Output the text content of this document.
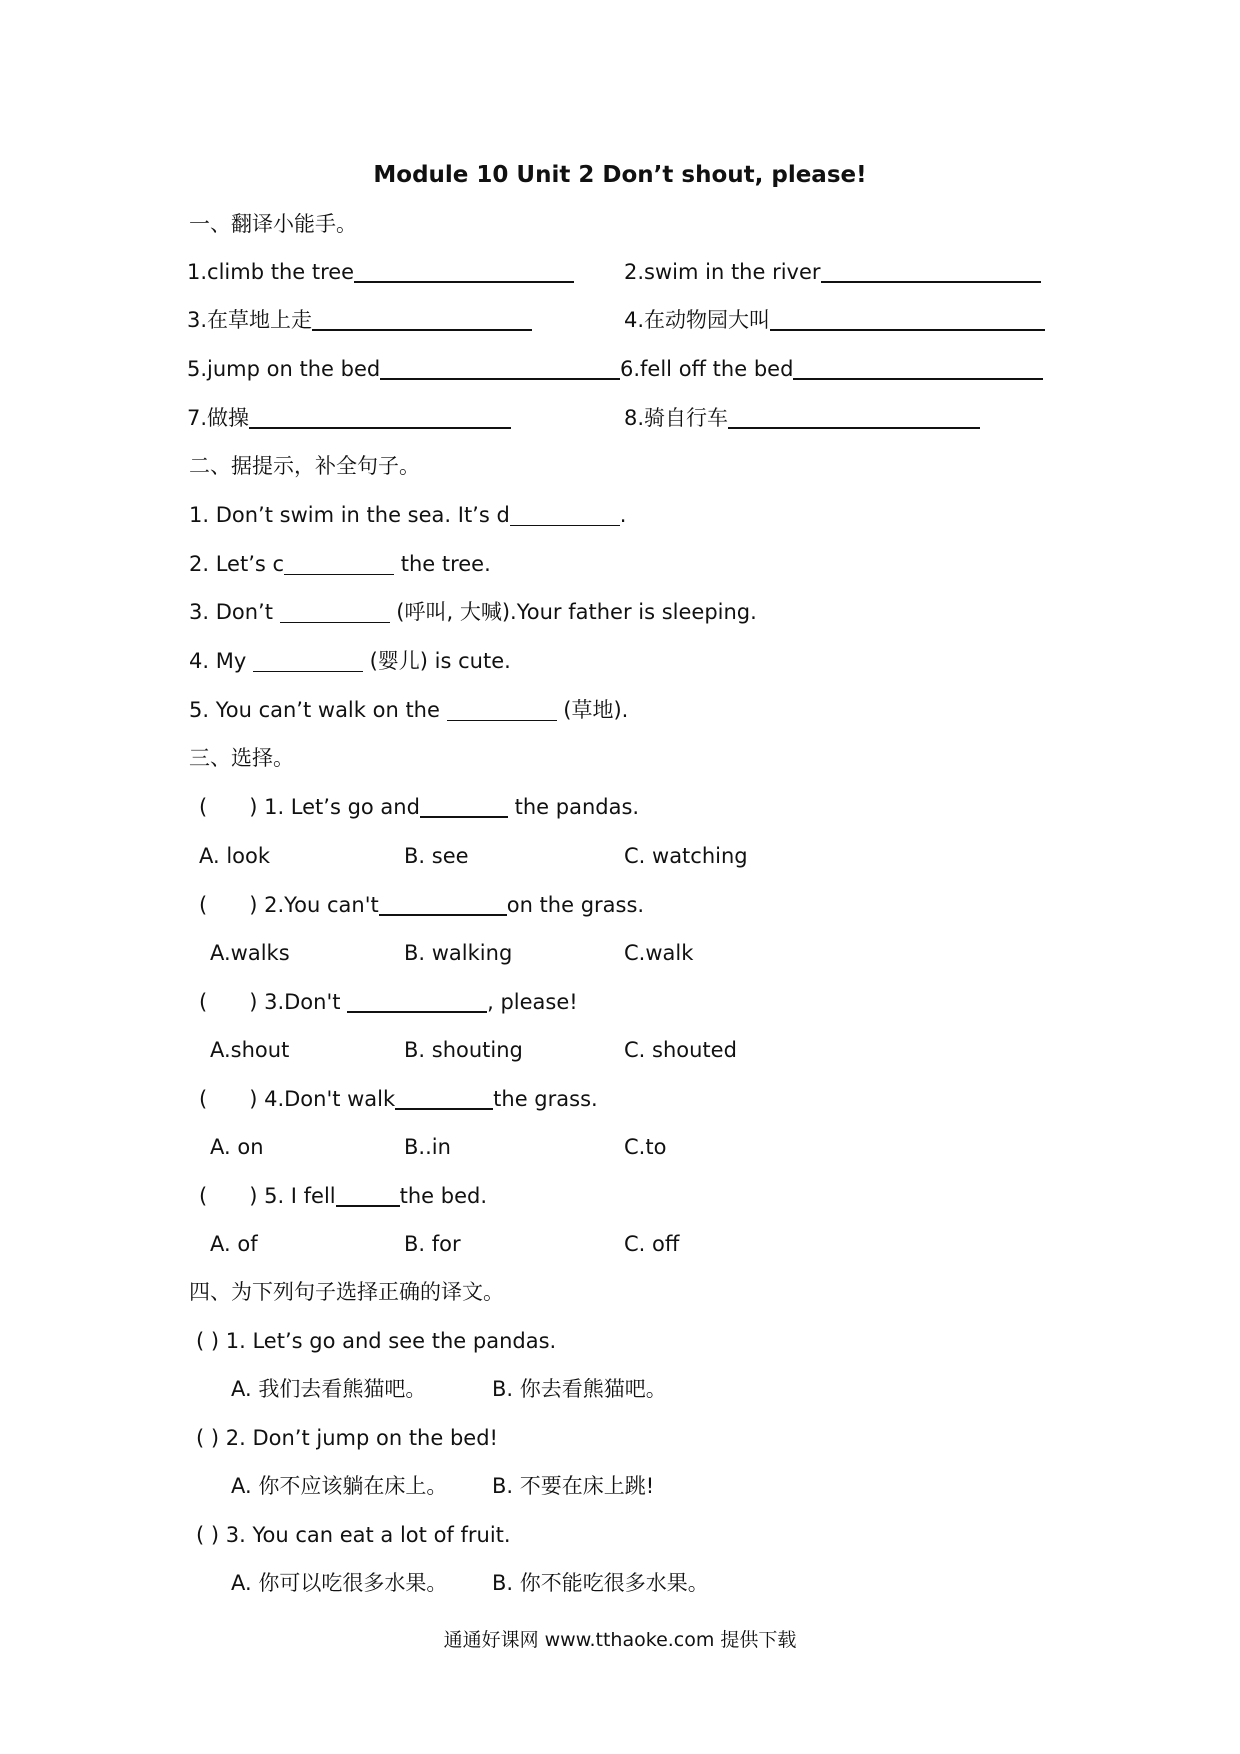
Module 10 Unit 2 Don’t shout, please!
一、翻译小能手。
1.climb the tree	2.swim in the river
3.在草地上走	4.在动物园大叫
5.jump on the bed	6.fell off the bed
7.做操	8.骑自行车
二、据提示，补全句子。
1. Don’t swim in the sea. It’s d	.
2. Let’s c	the tree.
3. Don’t	(呼叫, 大喊).Your father is sleeping.
4. My	(婴儿) is cute.
5. You can’t walk on the	(草地).
三、选择。
(　　) 1. Let’s go and	the pandas.
A. look	B. see	C. watching
(　　) 2.You can't	on the grass.
A.walks	B. walking	C.walk
(　　) 3.Don't	, please!
A.shout	B. shouting	C. shouted
(　　) 4.Don't walk	the grass.
A. on	B..in	C.to
(　　) 5. I fell	the bed.
A. of	B. for	C. off
四、为下列句子选择正确的译文。
( ) 1. Let’s go and see the pandas.
A. 我们去看熊猫吧。	B. 你去看熊猫吧。
( ) 2. Don’t jump on the bed!
A. 你不应该躺在床上。 B. 不要在床上跳!
( ) 3. You can eat a lot of fruit.
A. 你可以吃很多水果。 B. 你不能吃很多水果。
通通好课网 www.tthaoke.com 提供下载
